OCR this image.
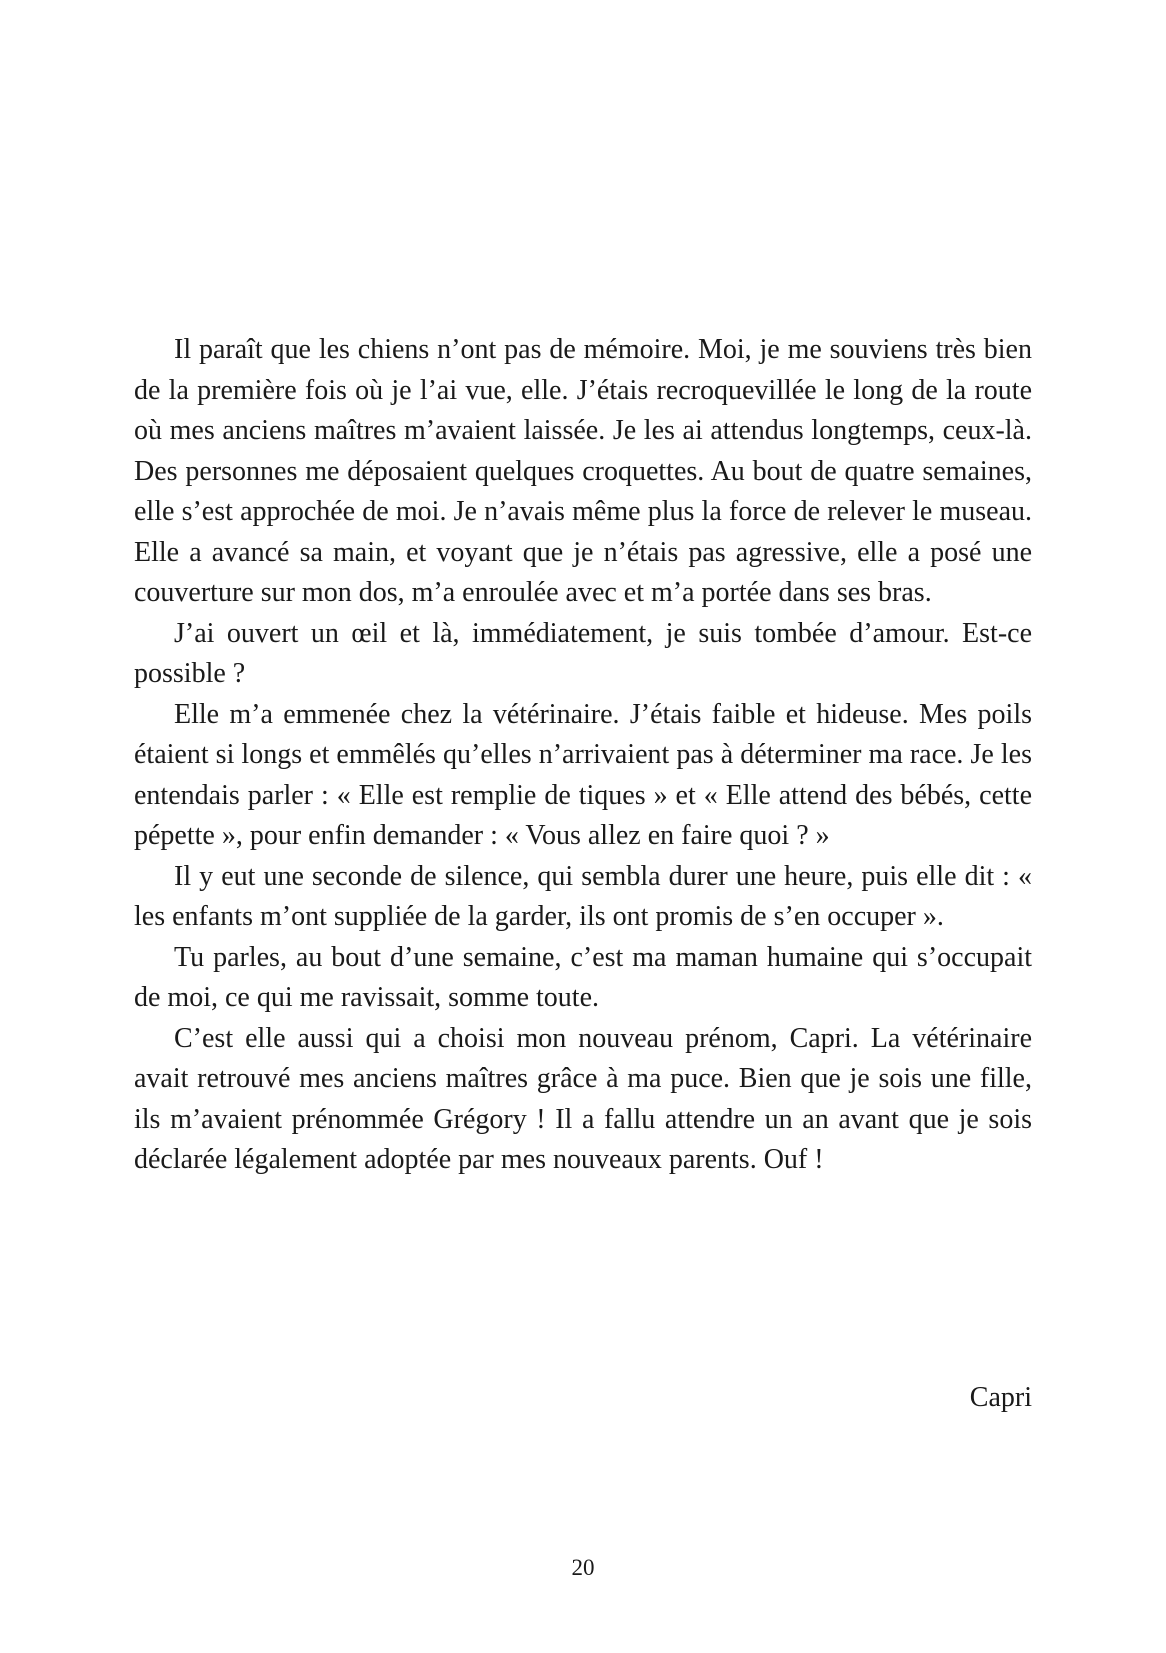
Il paraît que les chiens n’ont pas de mémoire. Moi, je me souviens très bien de la première fois où je l’ai vue, elle. J’étais recroquevillée le long de la route où mes anciens maîtres m’avaient laissée. Je les ai attendus longtemps, ceux-là. Des personnes me déposaient quelques croquettes. Au bout de quatre semaines, elle s’est approchée de moi. Je n’avais même plus la force de relever le museau. Elle a avancé sa main, et voyant que je n’étais pas agressive, elle a posé une couverture sur mon dos, m’a enroulée avec et m’a portée dans ses bras.

J’ai ouvert un œil et là, immédiatement, je suis tombée d’amour. Est-ce possible ?

Elle m’a emmenée chez la vétérinaire. J’étais faible et hideuse. Mes poils étaient si longs et emmêlés qu’elles n’arrivaient pas à déterminer ma race. Je les entendais parler : « Elle est remplie de tiques » et « Elle attend des bébés, cette pépette », pour enfin demander : « Vous allez en faire quoi ? »

Il y eut une seconde de silence, qui sembla durer une heure, puis elle dit : « les enfants m’ont suppliée de la garder, ils ont promis de s’en occuper ».

Tu parles, au bout d’une semaine, c’est ma maman humaine qui s’occupait de moi, ce qui me ravissait, somme toute.

C’est elle aussi qui a choisi mon nouveau prénom, Capri. La vétérinaire avait retrouvé mes anciens maîtres grâce à ma puce. Bien que je sois une fille, ils m’avaient prénommée Grégory ! Il a fallu attendre un an avant que je sois déclarée légalement adoptée par mes nouveaux parents. Ouf !

Capri

20
